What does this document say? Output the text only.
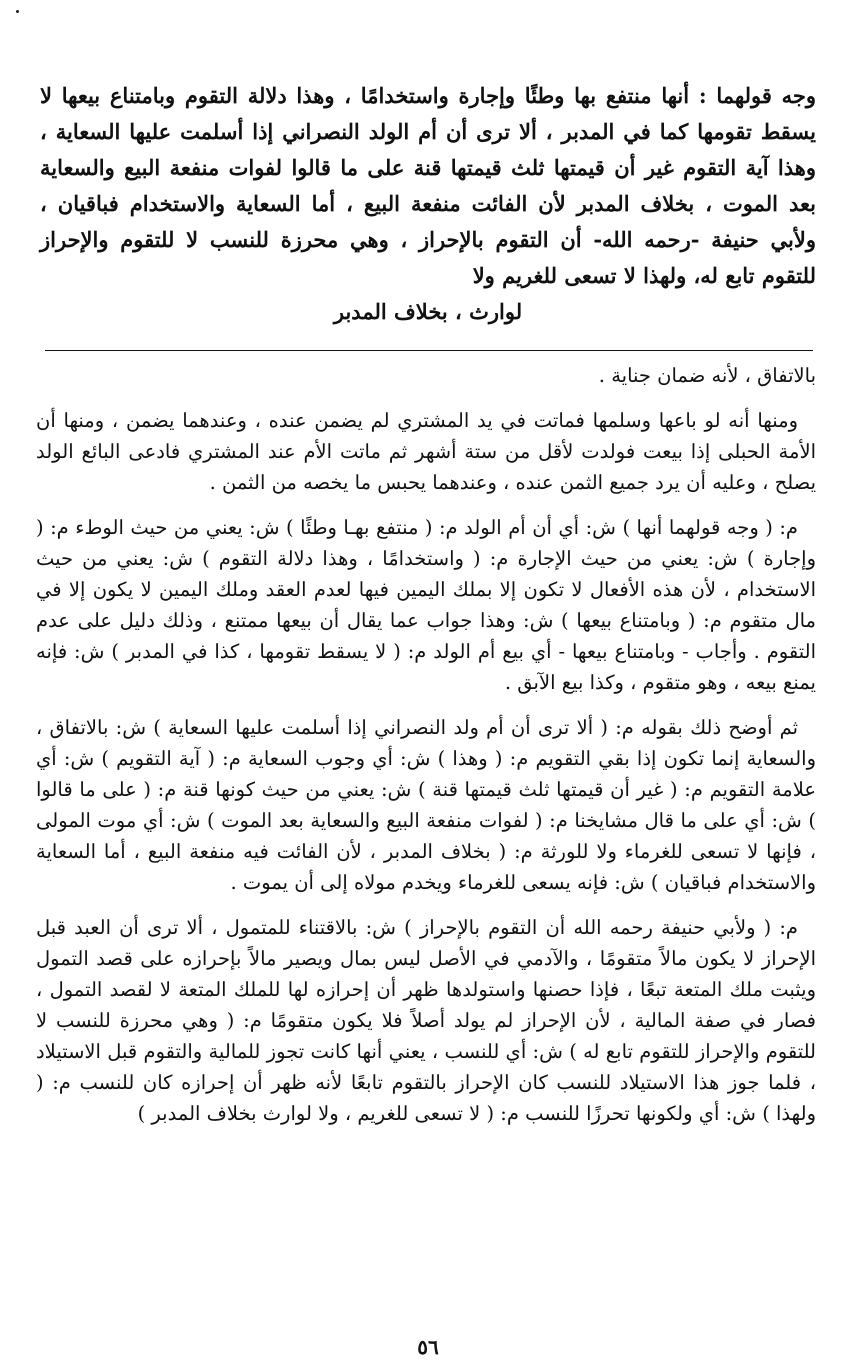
وجه قولهما : أنها منتفع بها وطئًا وإجارة واستخدامًا ، وهذا دلالة التقوم وبامتناع بيعها لا يسقط تقومها كما في المدبر ، ألا ترى أن أم الولد النصراني إذا أسلمت عليها السعاية ، وهذا آية التقوم غير أن قيمتها ثلث قيمتها قنة على ما قالوا لفوات منفعة البيع والسعاية بعد الموت ، بخلاف المدبر لأن الفائت منفعة البيع ، أما السعاية والاستخدام فباقيان ، ولأبي حنيفة -رحمه الله- أن التقوم بالإحراز ، وهي محرزة للنسب لا للتقوم والإحراز للتقوم تابع له، ولهذا لا تسعى للغريم ولا
لوارث ، بخلاف المدبر

بالاتفاق ، لأنه ضمان جناية .

ومنها أنه لو باعها وسلمها فماتت في يد المشتري لم يضمن عنده ، وعندهما يضمن ، ومنها أن الأمة الحبلى إذا بيعت فولدت لأقل من ستة أشهر ثم ماتت الأم عند المشتري فادعى البائع الولد يصلح ، وعليه أن يرد جميع الثمن عنده ، وعندهما يحبس ما يخصه من الثمن .

م: ( وجه قولهما أنها ) ش: أي أن أم الولد م: ( منتفع بهـا وطئًا ) ش: يعني من حيث الوطء م: ( وإجارة ) ش: يعني من حيث الإجارة م: ( واستخدامًا ، وهذا دلالة التقوم ) ش: يعني من حيث الاستخدام ، لأن هذه الأفعال لا تكون إلا بملك اليمين فيها لعدم العقد وملك اليمين لا يكون إلا في مال متقوم م: ( وبامتناع بيعها ) ش: وهذا جواب عما يقال أن بيعها ممتنع ، وذلك دليل على عدم التقوم . وأجاب - وبامتناع بيعها - أي بيع أم الولد م: ( لا يسقط تقومها ، كذا في المدبر ) ش: فإنه يمنع بيعه ، وهو متقوم ، وكذا بيع الآبق .

ثم أوضح ذلك بقوله م: ( ألا ترى أن أم ولد النصراني إذا أسلمت عليها السعاية ) ش: بالاتفاق ، والسعاية إنما تكون إذا بقي التقويم م: ( وهذا ) ش: أي وجوب السعاية م: ( آية التقويم ) ش: أي علامة التقويم م: ( غير أن قيمتها ثلث قيمتها قنة ) ش: يعني من حيث كونها قنة م: ( على ما قالوا ) ش: أي على ما قال مشايخنا م: ( لفوات منفعة البيع والسعاية بعد الموت ) ش: أي موت المولى ، فإنها لا تسعى للغرماء ولا للورثة م: ( بخلاف المدبر ، لأن الفائت فيه منفعة البيع ، أما السعاية والاستخدام فباقيان ) ش: فإنه يسعى للغرماء ويخدم مولاه إلى أن يموت .

م: ( ولأبي حنيفة رحمه الله أن التقوم بالإحراز ) ش: بالاقتناء للمتمول ، ألا ترى أن العبد قبل الإحراز لا يكون مالاً متقومًا ، والآدمي في الأصل ليس بمال ويصير مالاً بإحرازه على قصد التمول ويثبت ملك المتعة تبعًا ، فإذا حصنها واستولدها ظهر أن إحرازه لها للملك المتعة لا لقصد التمول ، فصار في صفة المالية ، لأن الإحراز لم يولد أصلاً فلا يكون متقومًا م: ( وهي محرزة للنسب لا للتقوم والإحراز للتقوم تابع له ) ش: أي للنسب ، يعني أنها كانت تجوز للمالية والتقوم قبل الاستيلاد ، فلما جوز هذا الاستيلاد للنسب كان الإحراز بالتقوم تابعًا لأنه ظهر أن إحرازه كان للنسب م: ( ولهذا ) ش: أي ولكونها تحرزًا للنسب م: ( لا تسعى للغريم ، ولا لوارث بخلاف المدبر )

٥٦
